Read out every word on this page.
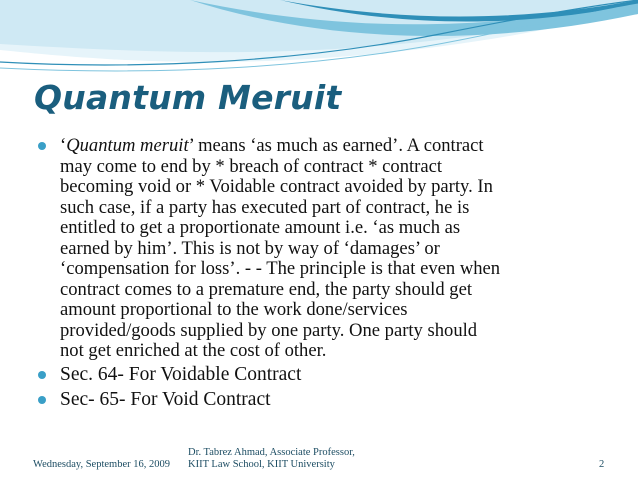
Quantum Meruit
‘Quantum meruit’ means ‘as much as earned’. A contract
may come to end by * breach of contract * contract
becoming void or * Voidable contract avoided by party. In
such case, if a party has executed part of contract, he is
entitled to get a proportionate amount i.e. ‘as much as
earned by him’. This is not by way of ‘damages’ or
‘compensation for loss’. - - The principle is that even when
contract comes to a premature end, the party should get
amount proportional to the work done/services
provided/goods supplied by one party. One party should
not get enriched at the cost of other.
Sec. 64- For Voidable Contract
Sec- 65- For Void Contract
Wednesday, September 16, 2009
Dr. Tabrez Ahmad, Associate Professor,
KIIT Law School, KIIT University	2
